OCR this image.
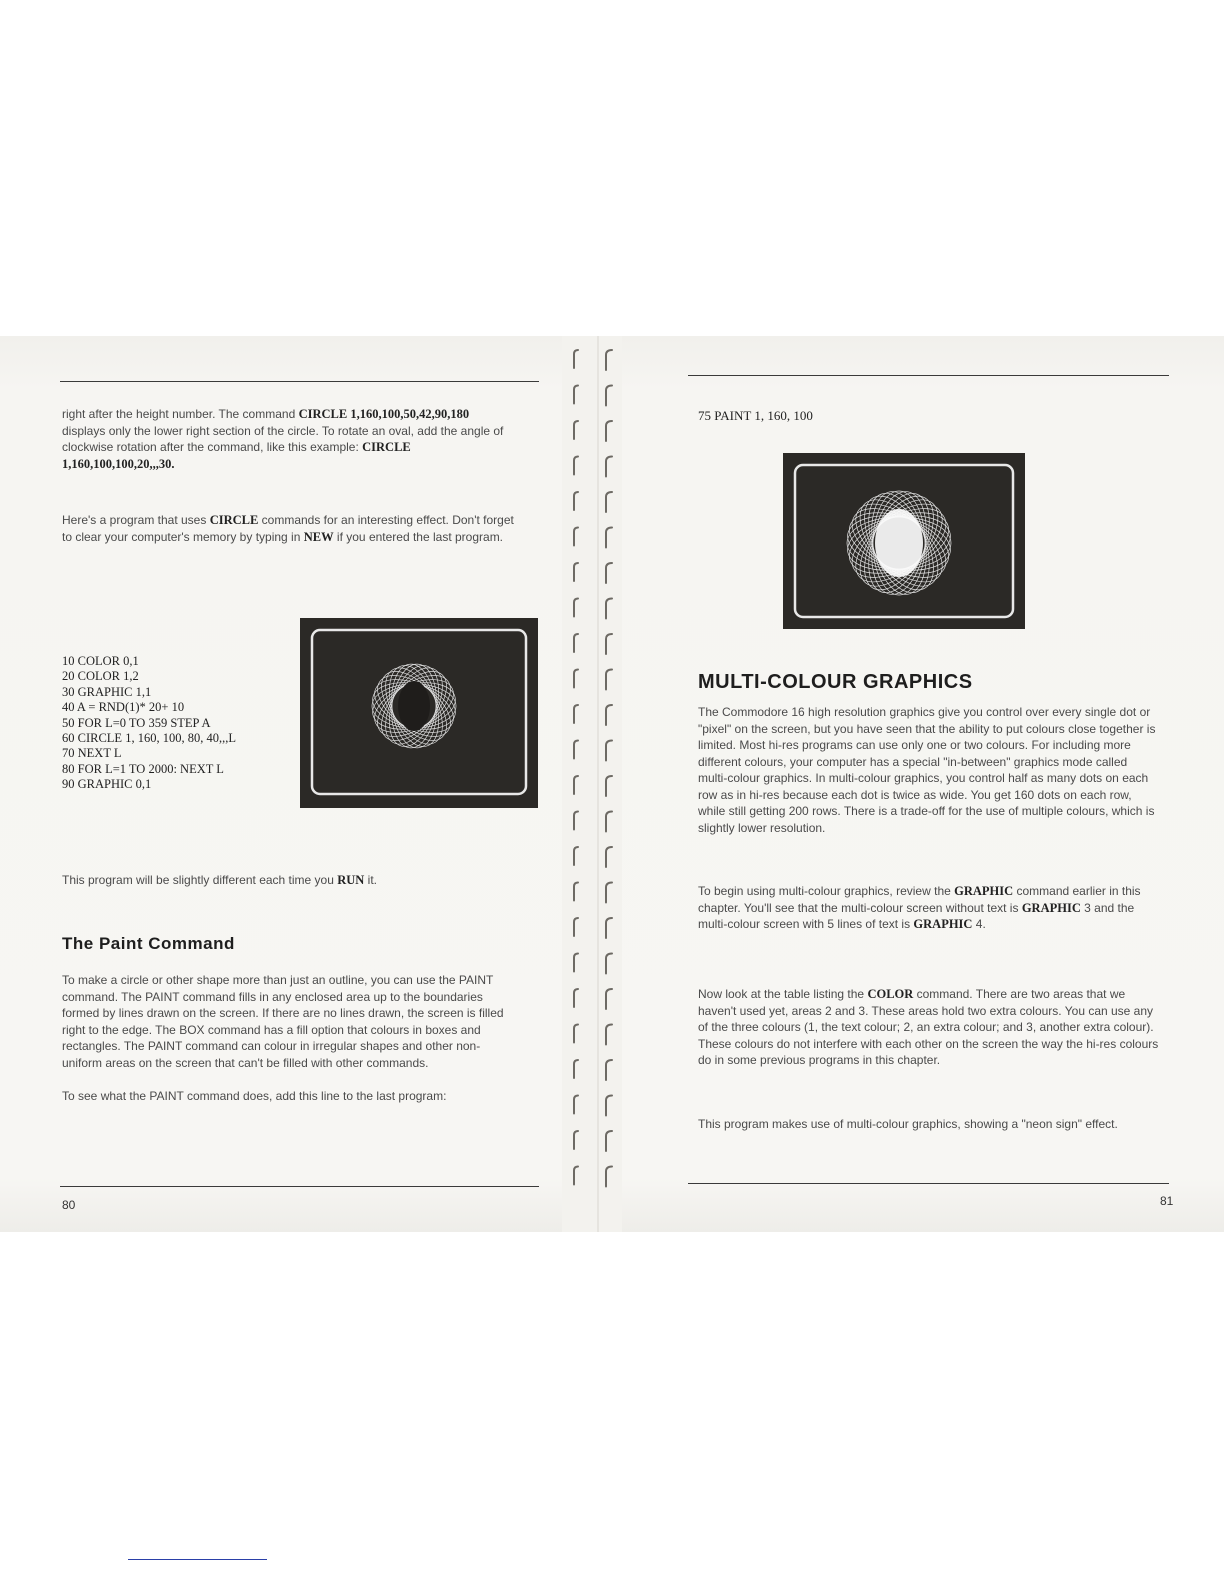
right after the height number. The command CIRCLE 1,160,100,50,42,90,180 displays only the lower right section of the circle. To rotate an oval, add the angle of clockwise rotation after the command, like this example: CIRCLE 1,160,100,100,20,,,30.

Here's a program that uses CIRCLE commands for an interesting effect. Don't forget to clear your computer's memory by typing in NEW if you entered the last program.

10 COLOR 0,1
20 COLOR 1,2
30 GRAPHIC 1,1
40 A = RND(1)* 20+ 10
50 FOR L=0 TO 359 STEP A
60 CIRCLE 1, 160, 100, 80, 40,,,L
70 NEXT L
80 FOR L=1 TO 2000: NEXT L
90 GRAPHIC 0,1

This program will be slightly different each time you RUN it.

The Paint Command

To make a circle or other shape more than just an outline, you can use the PAINT command. The PAINT command fills in any enclosed area up to the boundaries formed by lines drawn on the screen. If there are no lines drawn, the screen is filled right to the edge. The BOX command has a fill option that colours in boxes and rectangles. The PAINT command can colour in irregular shapes and other non-uniform areas on the screen that can't be filled with other commands.

To see what the PAINT command does, add this line to the last program:

80
75 PAINT 1, 160, 100
MULTI-COLOUR GRAPHICS

The Commodore 16 high resolution graphics give you control over every single dot or "pixel" on the screen, but you have seen that the ability to put colours close together is limited. Most hi-res programs can use only one or two colours. For including more different colours, your computer has a special "in-between" graphics mode called multi-colour graphics. In multi-colour graphics, you control half as many dots on each row as in hi-res because each dot is twice as wide. You get 160 dots on each row, while still getting 200 rows. There is a trade-off for the use of multiple colours, which is slightly lower resolution.

To begin using multi-colour graphics, review the GRAPHIC command earlier in this chapter. You'll see that the multi-colour screen without text is GRAPHIC 3 and the multi-colour screen with 5 lines of text is GRAPHIC 4.

Now look at the table listing the COLOR command. There are two areas that we haven't used yet, areas 2 and 3. These areas hold two extra colours. You can use any of the three colours (1, the text colour; 2, an extra colour; and 3, another extra colour). These colours do not interfere with each other on the screen the way the hi-res colours do in some previous programs in this chapter.

This program makes use of multi-colour graphics, showing a "neon sign" effect.

81
